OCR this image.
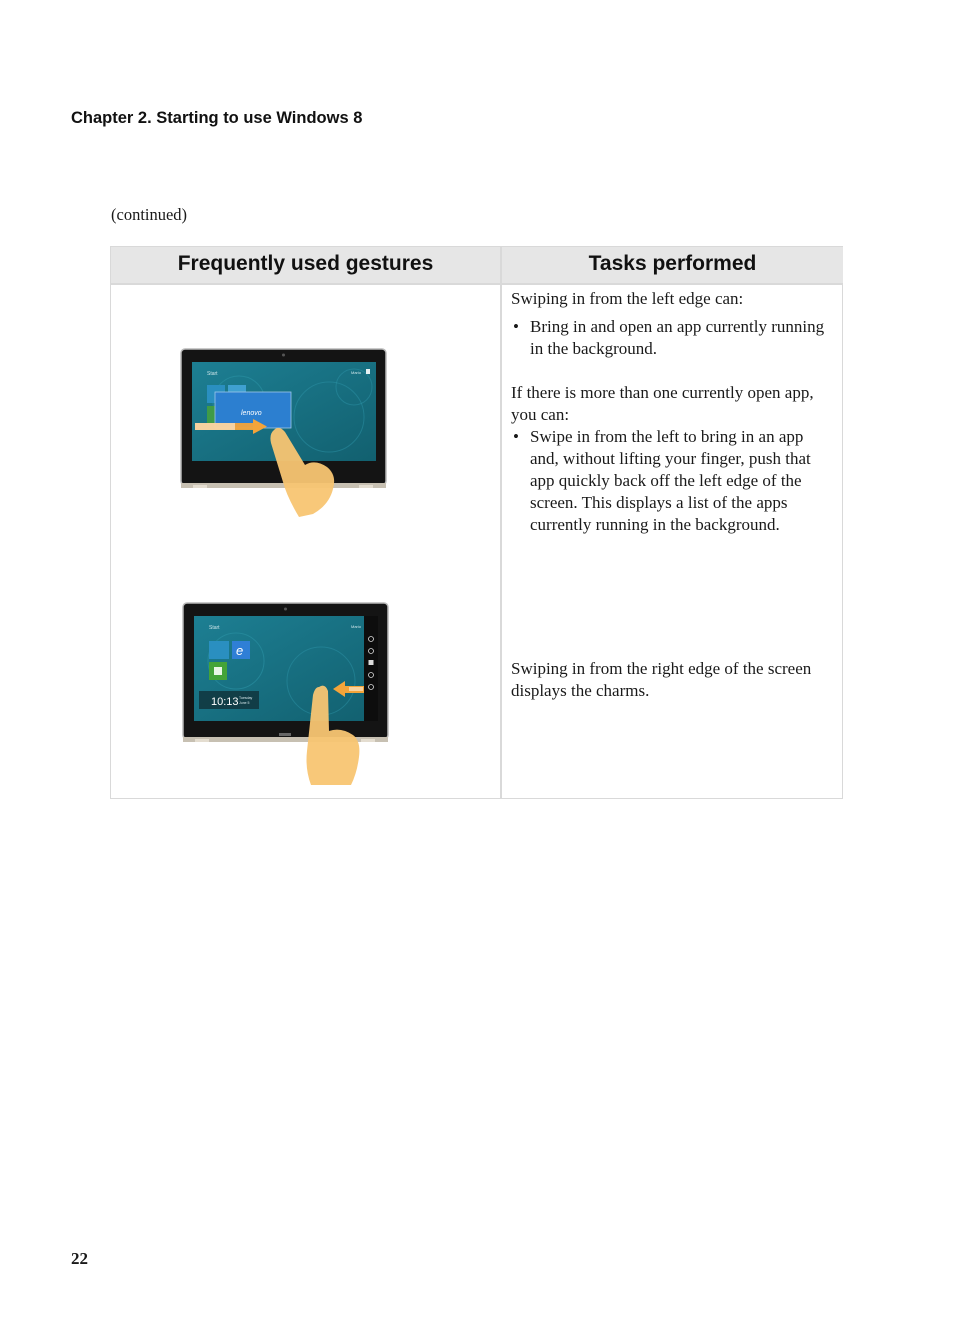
Chapter 2. Starting to use Windows 8
(continued)
Frequently used gestures	Tasks performed
Start	Mario
lenovo
Start	Mario
e
10:13 Tuesday
June 5

Swiping in from the left edge can:

• Bring in and open an app currently running in the background.

If there is more than one currently open app, you can:

• Swipe in from the left to bring in an app and, without lifting your finger, push that app quickly back off the left edge of the screen. This displays a list of the apps currently running in the background.

Swiping in from the right edge of the screen displays the charms.

22
